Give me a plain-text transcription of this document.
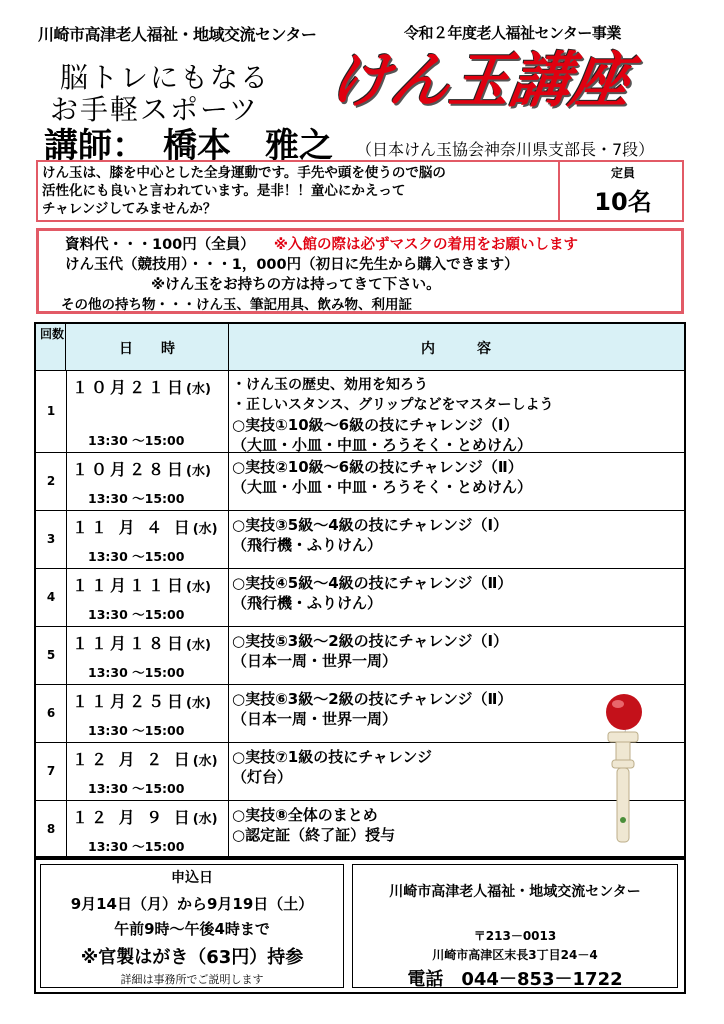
川崎市高津老人福祉・地域交流センター	令和２年度老人福祉センター事業
脳トレにもなる
お手軽スポーツ けん玉講座
講師：　橋本　雅之 （日本けん玉協会神奈川県支部長・7段）
けん玉は、膝を中心とした全身運動です。手先や頭を使うので脳の
活性化にも良いと言われています。是非！！童心にかえって
チャレンジしてみませんか？
定員
10名
資料代・・・100円（全員） ※入館の際は必ずマスクの着用をお願いします
けん玉代（競技用）・・・1，000円（初日に先生から購入できます）
※けん玉をお持ちの方は持ってきて下さい。
その他の持ち物・・・けん玉、筆記用具、飲み物、利用証
回数
日　　時	内　　　容
1
１０月２１日(水)
13:30 ～15:00
・けん玉の歴史、効用を知ろう
・正しいスタンス、グリップなどをマスターしよう
○実技①10級～6級の技にチャレンジ（Ⅰ）
（大皿・小皿・中皿・ろうそく・とめけん）
2
１０月２８日(水)
13:30 ～15:00
○実技②10級～6級の技にチャレンジ（Ⅱ）
（大皿・小皿・中皿・ろうそく・とめけん）
3
１１ 月 ４ 日(水)
13:30 ～15:00
○実技③5級～4級の技にチャレンジ（Ⅰ）
（飛行機・ふりけん）
4
１１月１１日(水)
13:30 ～15:00
○実技④5級～4級の技にチャレンジ（Ⅱ）
（飛行機・ふりけん）
5
１１月１８日(水)
13:30 ～15:00
○実技⑤3級～2級の技にチャレンジ（Ⅰ）
（日本一周・世界一周）
6
１１月２５日(水)
13:30 ～15:00
○実技⑥3級～2級の技にチャレンジ（Ⅱ）
（日本一周・世界一周）
7
１２ 月 ２ 日(水)
13:30 ～15:00
○実技⑦1級の技にチャレンジ
（灯台）
8
１２ 月 ９ 日(水)
13:30 ～15:00
○実技⑧全体のまとめ
○認定証（終了証）授与
申込日
9月14日（月）から9月19日（土）
午前9時～午後4時まで
※官製はがき（63円）持参
詳細は事務所でご説明します
川崎市高津老人福祉・地域交流センター
〒213－0013
川崎市高津区末長3丁目24－4
電話　044－853－1722
